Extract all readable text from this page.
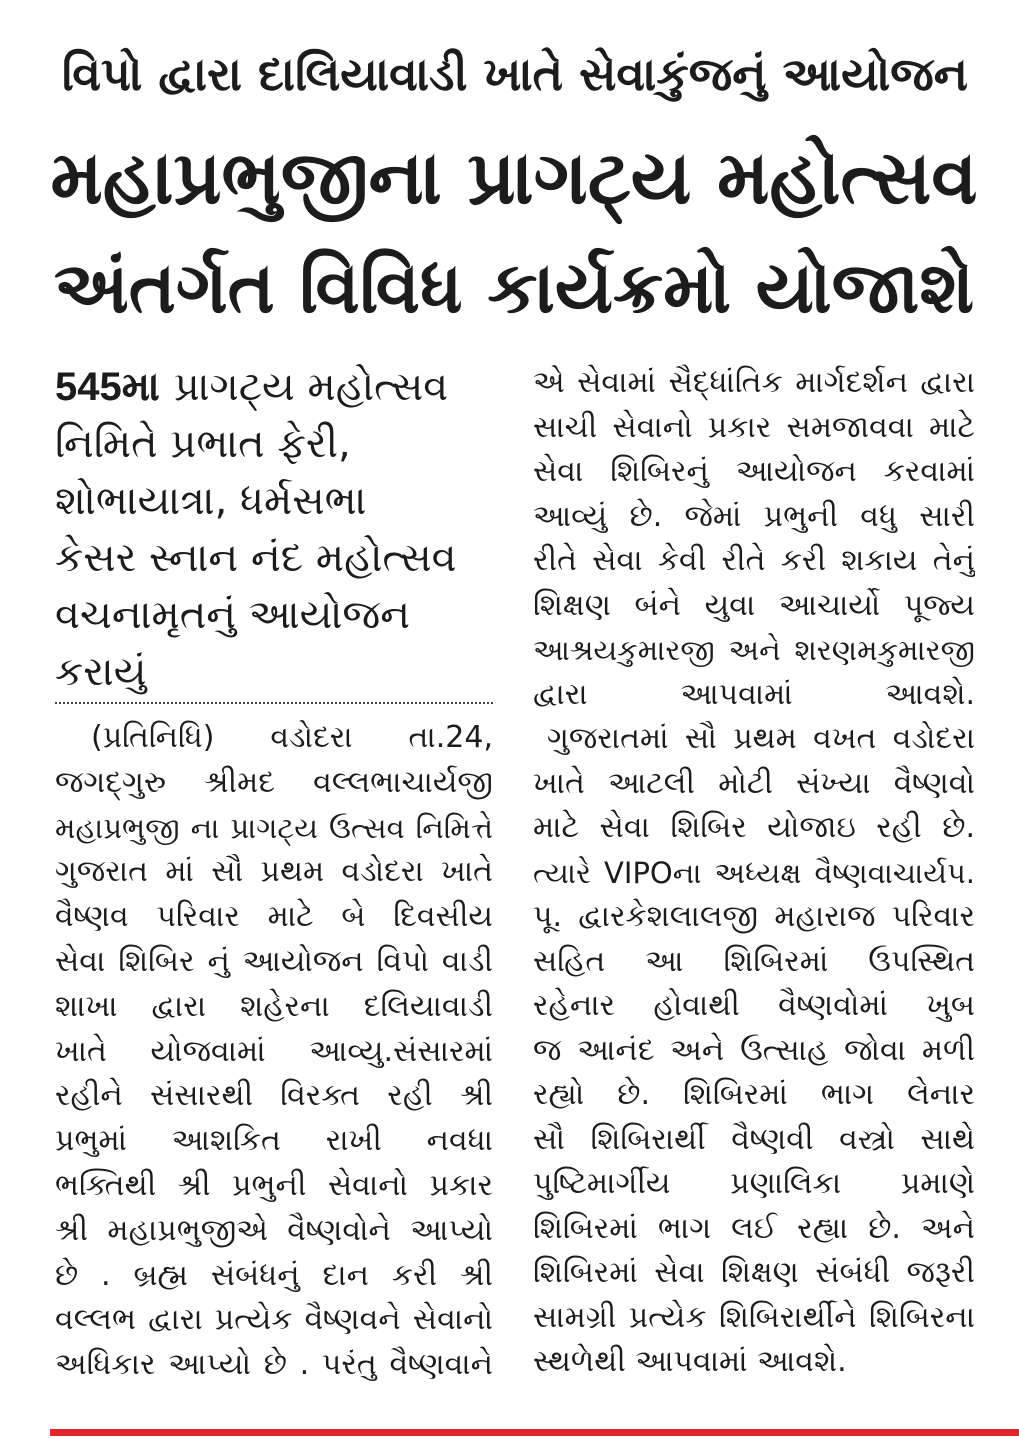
વિપો દ્વારા દાલિયાવાડી ખાતે સેવાકુંજનું આયોજન
મહાપ્રભુજીના પ્રાગટ્ય મહોત્સવ
અંતર્ગત વિવિધ કાર્યક્રમો યોજાશે
545મા પ્રાગટ્ય મહોત્સવ
નિમિતે પ્રભાત ફેરી,
શોભાયાત્રા, ધર્મસભા
કેસર સ્નાન નંદ મહોત્સવ
વચનામૃતનું આયોજન
કરાયું
(પ્રતિનિધિ) વડોદરા તા.24,
જગદ્ગુરુ શ્રીમદ વલ્લભાચાર્યજી
મહાપ્રભુજી ના પ્રાગટ્ય ઉત્સવ નિમિત્તે
ગુજરાત માં સૌ પ્રથમ વડોદરા ખાતે
વૈષ્ણવ પરિવાર માટે બે દિવસીય
સેવા શિબિર નું આયોજન વિપો વાડી
શાખા દ્વારા શહેરના દલિયાવાડી
ખાતે યોજવામાં આવ્યુ.સંસારમાં
રહીને સંસારથી વિરક્ત રહી શ્રી
પ્રભુમાં આશકિત રાખી નવધા
ભક્તિથી શ્રી પ્રભુની સેવાનો પ્રકાર
શ્રી મહાપ્રભુજીએ વૈષ્ણવોને આપ્યો
છે . બ્રહ્મ સંબંધનું દાન કરી શ્રી
વલ્લભ દ્વારા પ્રત્યેક વૈષ્ણવને સેવાનો
અધિકાર આપ્યો છે . પરંતુ વૈષ્ણવાને
એ સેવામાં સૈદ્ધાંતિક માર્ગદર્શન દ્વારા
સાચી સેવાનો પ્રકાર સમજાવવા માટે
સેવા શિબિરનું આયોજન કરવામાં
આવ્યું છે. જેમાં પ્રભુની વધુ સારી
રીતે સેવા કેવી રીતે કરી શકાય તેનું
શિક્ષણ બંને યુવા આચાર્યો પૂજ્ય
આશ્રયકુમારજી અને શરણમકુમારજી
દ્વારા આપવામાં આવશે.
ગુજરાતમાં સૌ પ્રથમ વખત વડોદરા
ખાતે આટલી મોટી સંખ્યા વૈષ્ણવો
માટે સેવા શિબિર યોજાઇ રહી છે.
ત્યારે VIPOના અધ્યક્ષ વૈષ્ણવાચાર્યપ.
પૂ. દ્વારકેશલાલજી મહારાજ પરિવાર
સહિત આ શિબિરમાં ઉપસ્થિત
રહેનાર હોવાથી વૈષ્ણવોમાં ખુબ
જ આનંદ અને ઉત્સાહ જોવા મળી
રહ્યો છે. શિબિરમાં ભાગ લેનાર
સૌ શિબિરાર્થી વૈષ્ણવી વસ્ત્રો સાથે
પુષ્ટિમાર્ગીય પ્રણાલિકા પ્રમાણે
શિબિરમાં ભાગ લઈ રહ્યા છે. અને
શિબિરમાં સેવા શિક્ષણ સંબંધી જરૂરી
સામગ્રી પ્રત્યેક શિબિરાર્થીને શિબિરના
સ્થળેથી આપવામાં આવશે.
